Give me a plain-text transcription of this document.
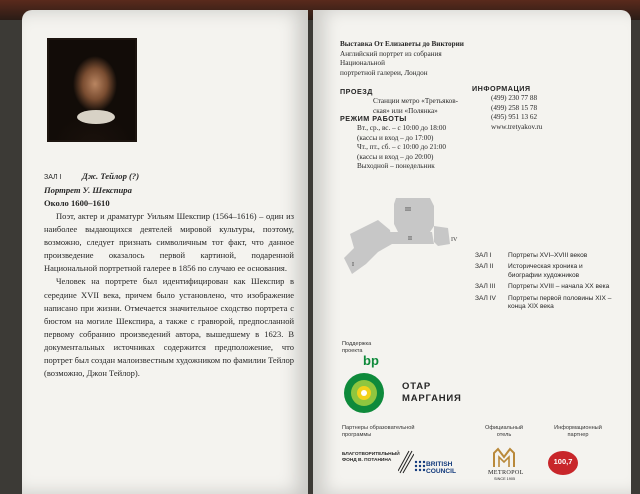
ЗАЛ I Дж. Тейлор (?)
Портрет У. Шекспира
Около 1600–1610

Поэт, актер и драматург Уильям Шекспир (1564–1616) – один из наиболее выдающихся деятелей мировой культуры, поэтому, возможно, следует признать символичным тот факт, что данное произведение оказалось первой картиной, подаренной Национальной портретной галерее в 1856 по случаю ее основания.

Человек на портрете был идентифицирован как Шекспир в середине XVII века, причем было установлено, что изображение написано при жизни. Отмечается значительное сходство портрета с бюстом на могиле Шекспира, а также с гравюрой, предпосланной первому собранию произведений автора, вышедшему в 1623. В документальных источниках содержится предположение, что портрет был создан малоизвестным художником по фамилии Тейлор (возможно, Джон Тейлор).

Выставка От Елизаветы до Виктории
Английский портрет из собрания
Национальной
портретной галереи, Лондон
ПРОЕЗД
Станции метро «Третьяков-
ская» или «Полянка»
РЕЖИМ РАБОТЫ
Вт., ср., вс. – с 10:00 до 18:00
(кассы и вход – до 17:00)
Чт., пт., сб. – с 10:00 до 21:00
(кассы и вход – до 20:00)
Выходной – понедельник
ИНФОРМАЦИЯ
(499) 230 77 88
(499) 258 15 78
(495) 951 13 62
www.tretyakov.ru
I
II
III
IV
ЗАЛ I	Портреты XVI–XVIII веков
ЗАЛ II	Историческая хроника и биографии художников
ЗАЛ III	Портреты XVIII – начала XX века
ЗАЛ IV	Портреты первой половины XIX – конца XIX века
Поддержка проекта
bp
ОТАР
МАРГАНИЯ
Партнеры образовательной программы
Официальный отель
Информационный партнер
БЛАГОТВОРИТЕЛЬНЫЙ
ФОНД В. ПОТАНИНА
BRITISH
COUNCIL	METROPOL
SINCE 1905
100,7
